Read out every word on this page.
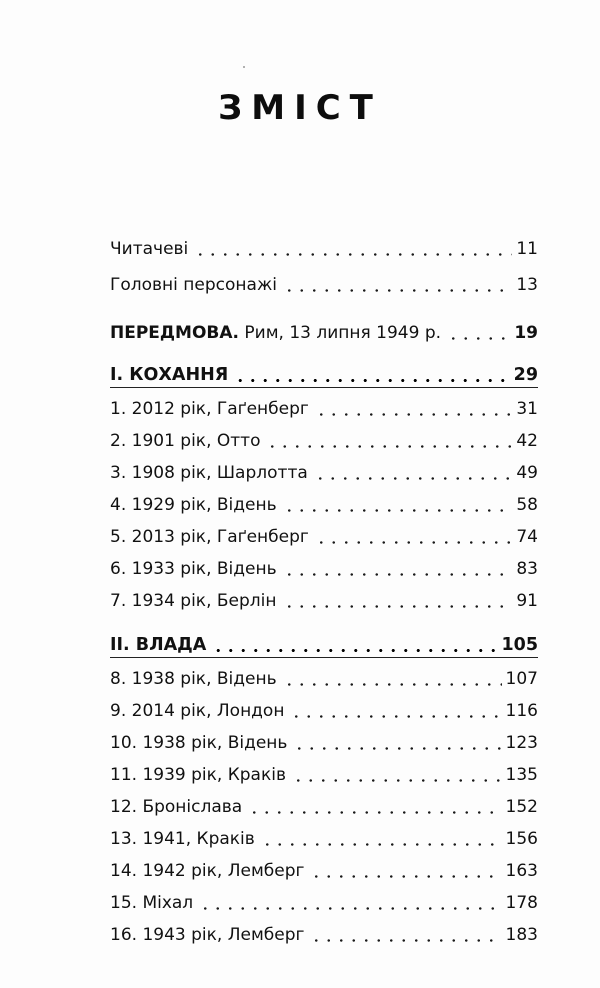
ЗМІСТ
Читачеві	11
Головні персонажі	13
ПЕРЕДМОВА. Рим, 13 липня 1949 р.	19
I. КОХАННЯ	29
1. 2012 рік, Гаґенберг	31
2. 1901 рік, Отто	42
3. 1908 рік, Шарлотта	49
4. 1929 рік, Відень	58
5. 2013 рік, Гаґенберг	74
6. 1933 рік, Відень	83
7. 1934 рік, Берлін	91
II. ВЛАДА	105
8. 1938 рік, Відень	107
9. 2014 рік, Лондон	116
10. 1938 рік, Відень	123
11. 1939 рік, Краків	135
12. Броніслава	152
13. 1941, Краків	156
14. 1942 рік, Лемберг	163
15. Міхал	178
16. 1943 рік, Лемберг	183
